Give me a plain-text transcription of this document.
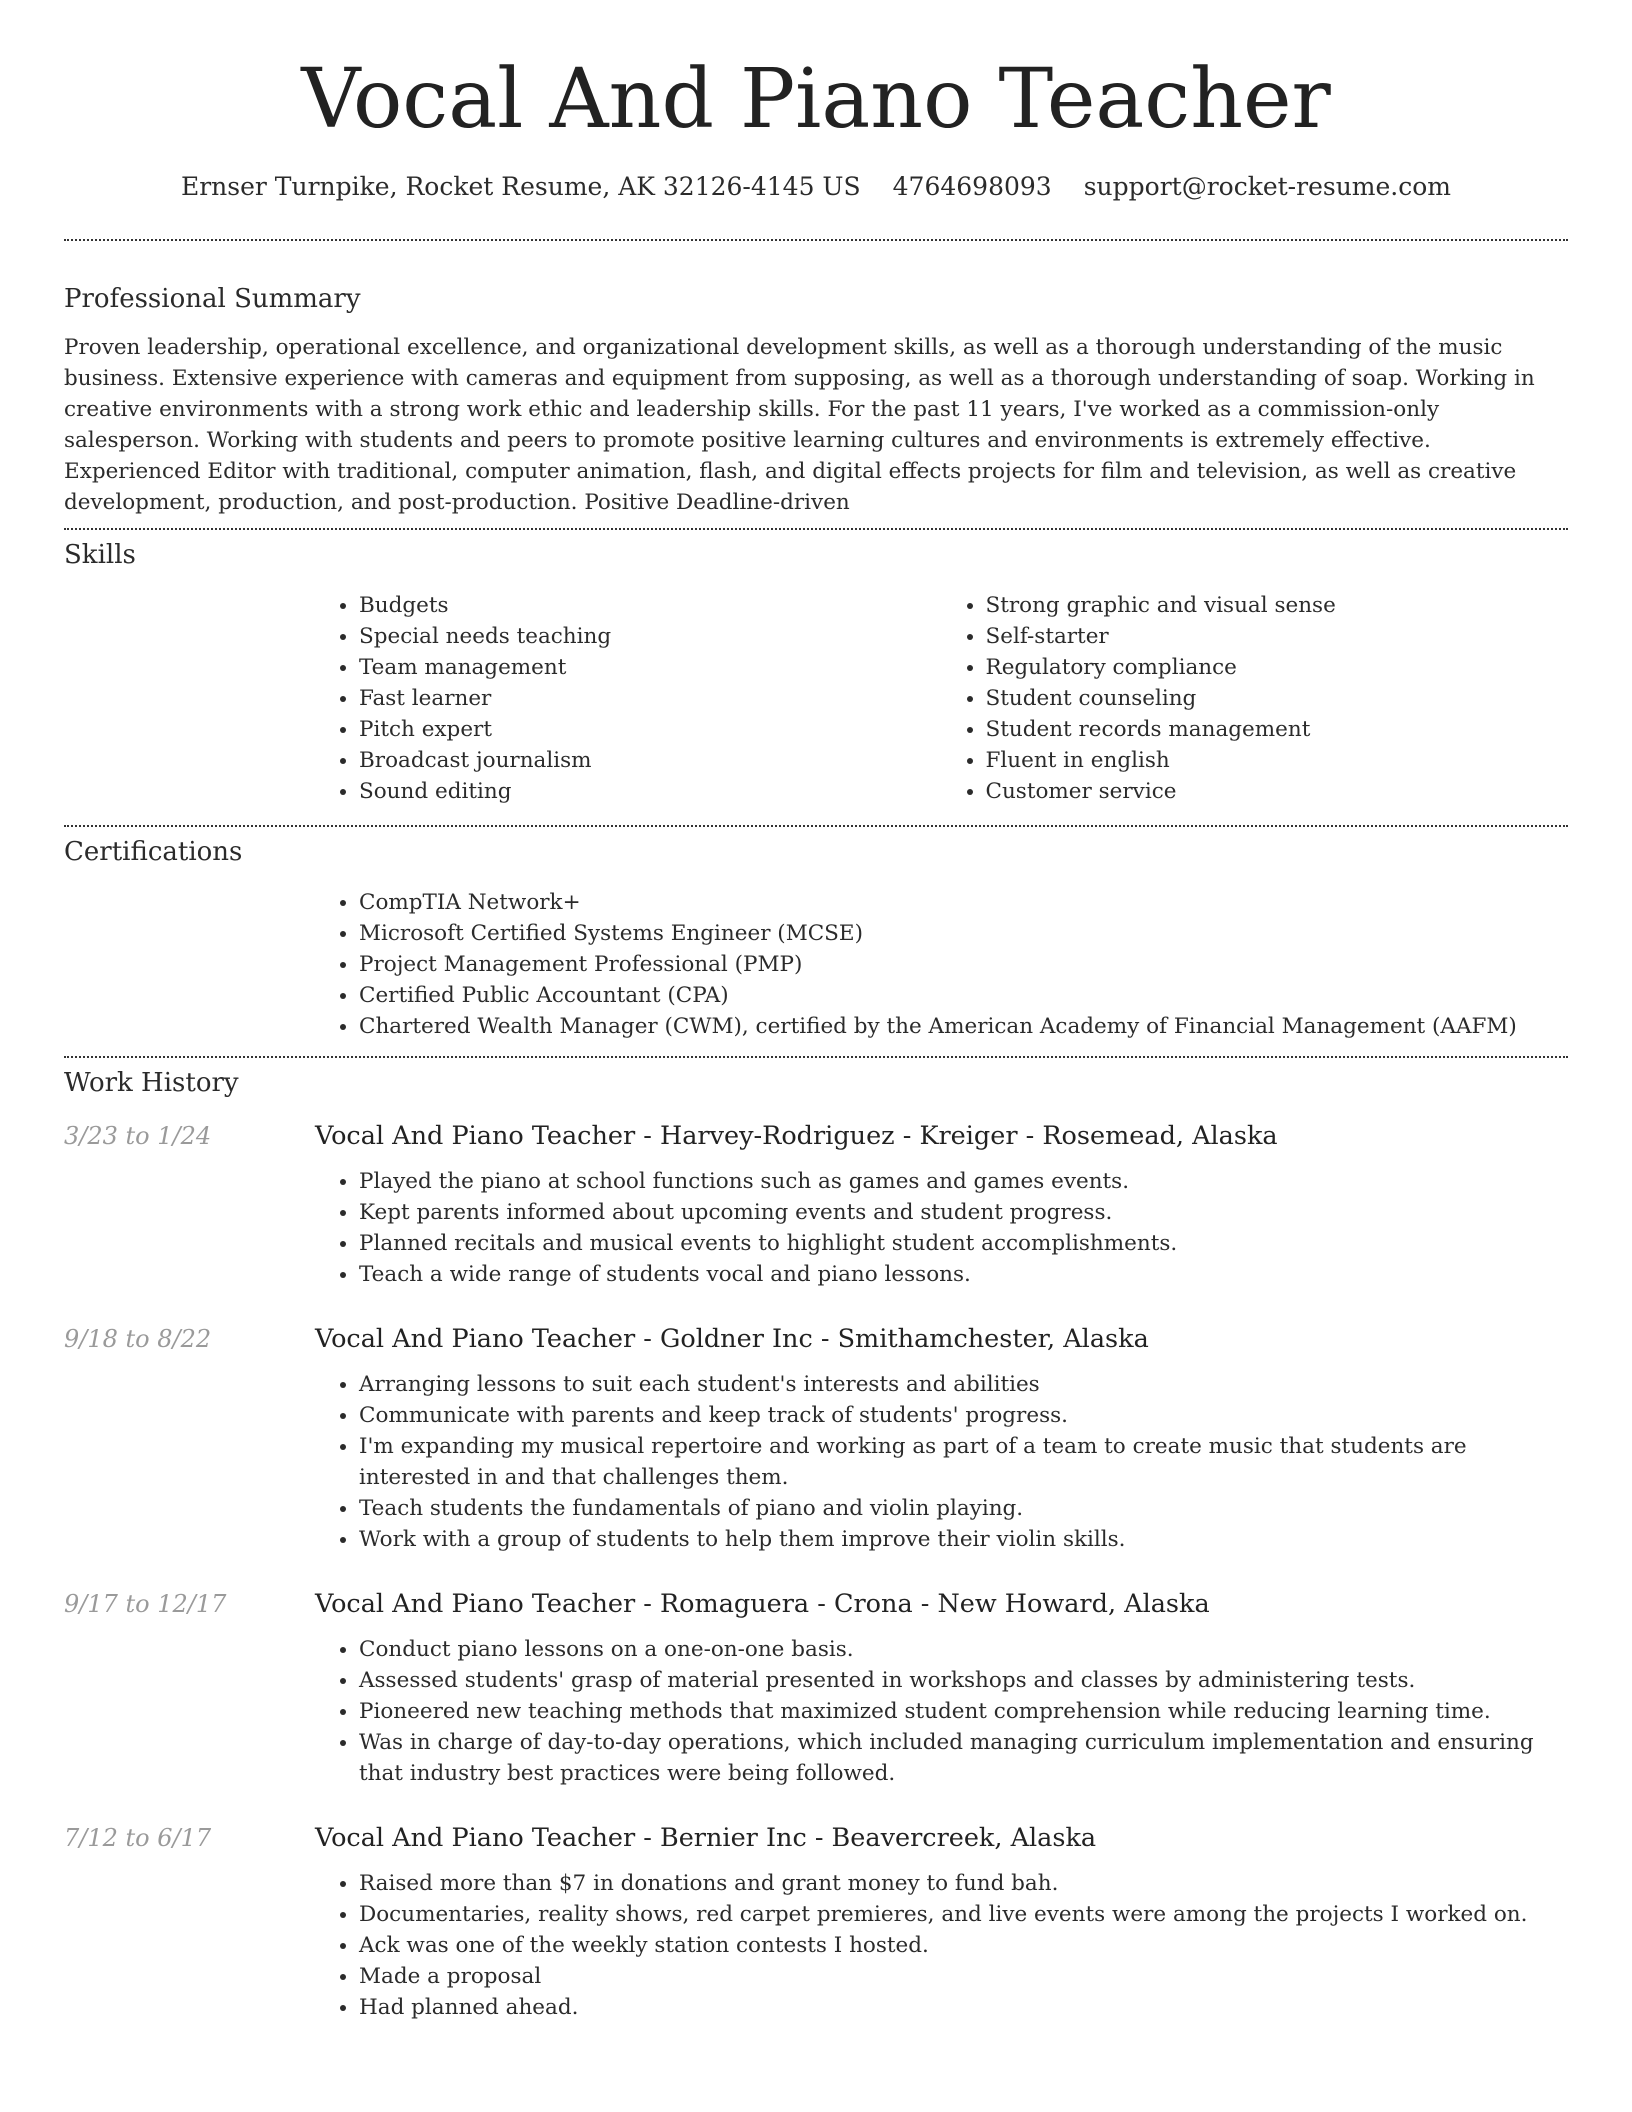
Vocal And Piano Teacher
Ernser Turnpike, Rocket Resume, AK 32126-4145 US 4764698093 support@rocket-resume.com
Professional Summary

Proven leadership, operational excellence, and organizational development skills, as well as a thorough understanding of the music business. Extensive experience with cameras and equipment from supposing, as well as a thorough understanding of soap. Working in creative environments with a strong work ethic and leadership skills. For the past 11 years, I've worked as a commission-only salesperson. Working with students and peers to promote positive learning cultures and environments is extremely effective. Experienced Editor with traditional, computer animation, flash, and digital effects projects for film and television, as well as creative development, production, and post-production. Positive Deadline-driven

Skills
• Budgets
• Special needs teaching
• Team management
• Fast learner
• Pitch expert
• Broadcast journalism
• Sound editing
• Strong graphic and visual sense
• Self-starter
• Regulatory compliance
• Student counseling
• Student records management
• Fluent in english
• Customer service
Certifications
• CompTIA Network+
• Microsoft Certified Systems Engineer (MCSE)
• Project Management Professional (PMP)
• Certified Public Accountant (CPA)
• Chartered Wealth Manager (CWM), certified by the American Academy of Financial Management (AAFM)
Work History
3/23 to 1/24	Vocal And Piano Teacher - Harvey-Rodriguez - Kreiger - Rosemead, Alaska
• Played the piano at school functions such as games and games events.
• Kept parents informed about upcoming events and student progress.
• Planned recitals and musical events to highlight student accomplishments.
• Teach a wide range of students vocal and piano lessons.
9/18 to 8/22	Vocal And Piano Teacher - Goldner Inc - Smithamchester, Alaska
• Arranging lessons to suit each student's interests and abilities
• Communicate with parents and keep track of students' progress.
• I'm expanding my musical repertoire and working as part of a team to create music that students are interested in and that challenges them.
• Teach students the fundamentals of piano and violin playing.
• Work with a group of students to help them improve their violin skills.
9/17 to 12/17	Vocal And Piano Teacher - Romaguera - Crona - New Howard, Alaska
• Conduct piano lessons on a one-on-one basis.
• Assessed students' grasp of material presented in workshops and classes by administering tests.
• Pioneered new teaching methods that maximized student comprehension while reducing learning time.
• Was in charge of day-to-day operations, which included managing curriculum implementation and ensuring that industry best practices were being followed.
7/12 to 6/17	Vocal And Piano Teacher - Bernier Inc - Beavercreek, Alaska
• Raised more than $7 in donations and grant money to fund bah.
• Documentaries, reality shows, red carpet premieres, and live events were among the projects I worked on.
• Ack was one of the weekly station contests I hosted.
• Made a proposal
• Had planned ahead.
